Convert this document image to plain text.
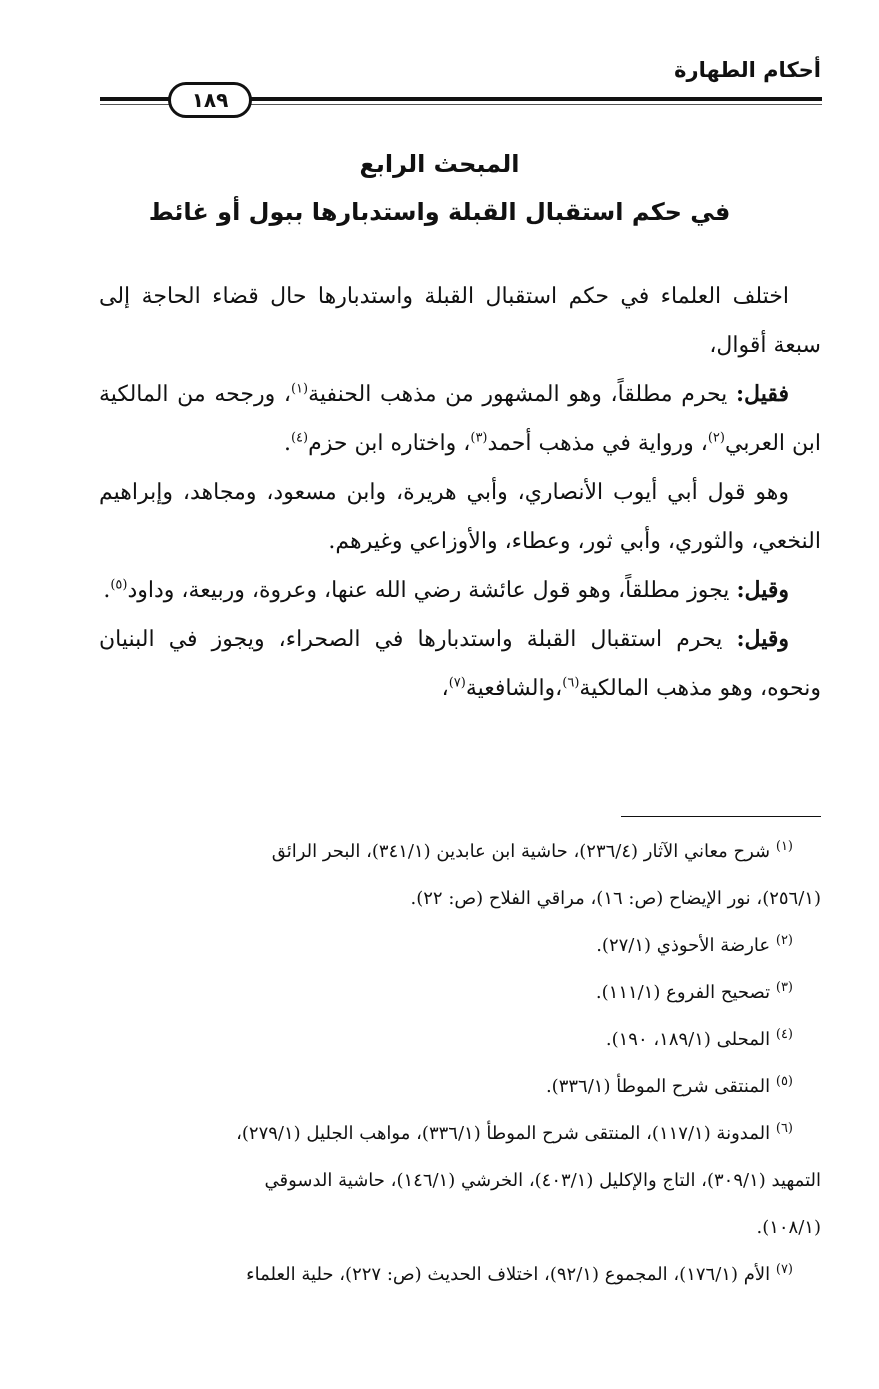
أحكام الطهارة
١٨٩
المبحث الرابع
في حكم استقبال القبلة واستدبارها ببول أو غائط

اختلف العلماء في حكم استقبال القبلة واستدبارها حال قضاء الحاجة إلى سبعة أقوال،

فقيل: يحرم مطلقاً، وهو المشهور من مذهب الحنفية$^{(١)}$، ورجحه من المالكية ابن العربي$^{(٢)}$، ورواية في مذهب أحمد$^{(٣)}$، واختاره ابن حزم$^{(٤)}$.

وهو قول أبي أيوب الأنصاري، وأبي هريرة، وابن مسعود، ومجاهد، وإبراهيم النخعي، والثوري، وأبي ثور، وعطاء، والأوزاعي وغيرهم.

وقيل: يجوز مطلقاً، وهو قول عائشة رضي الله عنها، وعروة، وربيعة، وداود$^{(٥)}$.

وقيل: يحرم استقبال القبلة واستدبارها في الصحراء، ويجوز في البنيان ونحوه، وهو مذهب المالكية$^{(٦)}$،والشافعية$^{(٧)}$،

$^{(١)}$ شرح معاني الآثار (٢٣٦/٤)، حاشية ابن عابدين (٣٤١/١)، البحر الرائق

(٢٥٦/١)، نور الإيضاح (ص: ١٦)، مراقي الفلاح (ص: ٢٢).

$^{(٢)}$ عارضة الأحوذي (٢٧/١).

$^{(٣)}$ تصحيح الفروع (١١١/١).

$^{(٤)}$ المحلى (١٨٩/١، ١٩٠).

$^{(٥)}$ المنتقى شرح الموطأ (٣٣٦/١).

$^{(٦)}$ المدونة (١١٧/١)، المنتقى شرح الموطأ (٣٣٦/١)، مواهب الجليل (٢٧٩/١)،

التمهيد (٣٠٩/١)، التاج والإكليل (٤٠٣/١)، الخرشي (١٤٦/١)، حاشية الدسوقي

(١٠٨/١).

$^{(٧)}$ الأم (١٧٦/١)، المجموع (٩٢/١)، اختلاف الحديث (ص: ٢٢٧)، حلية العلماء
